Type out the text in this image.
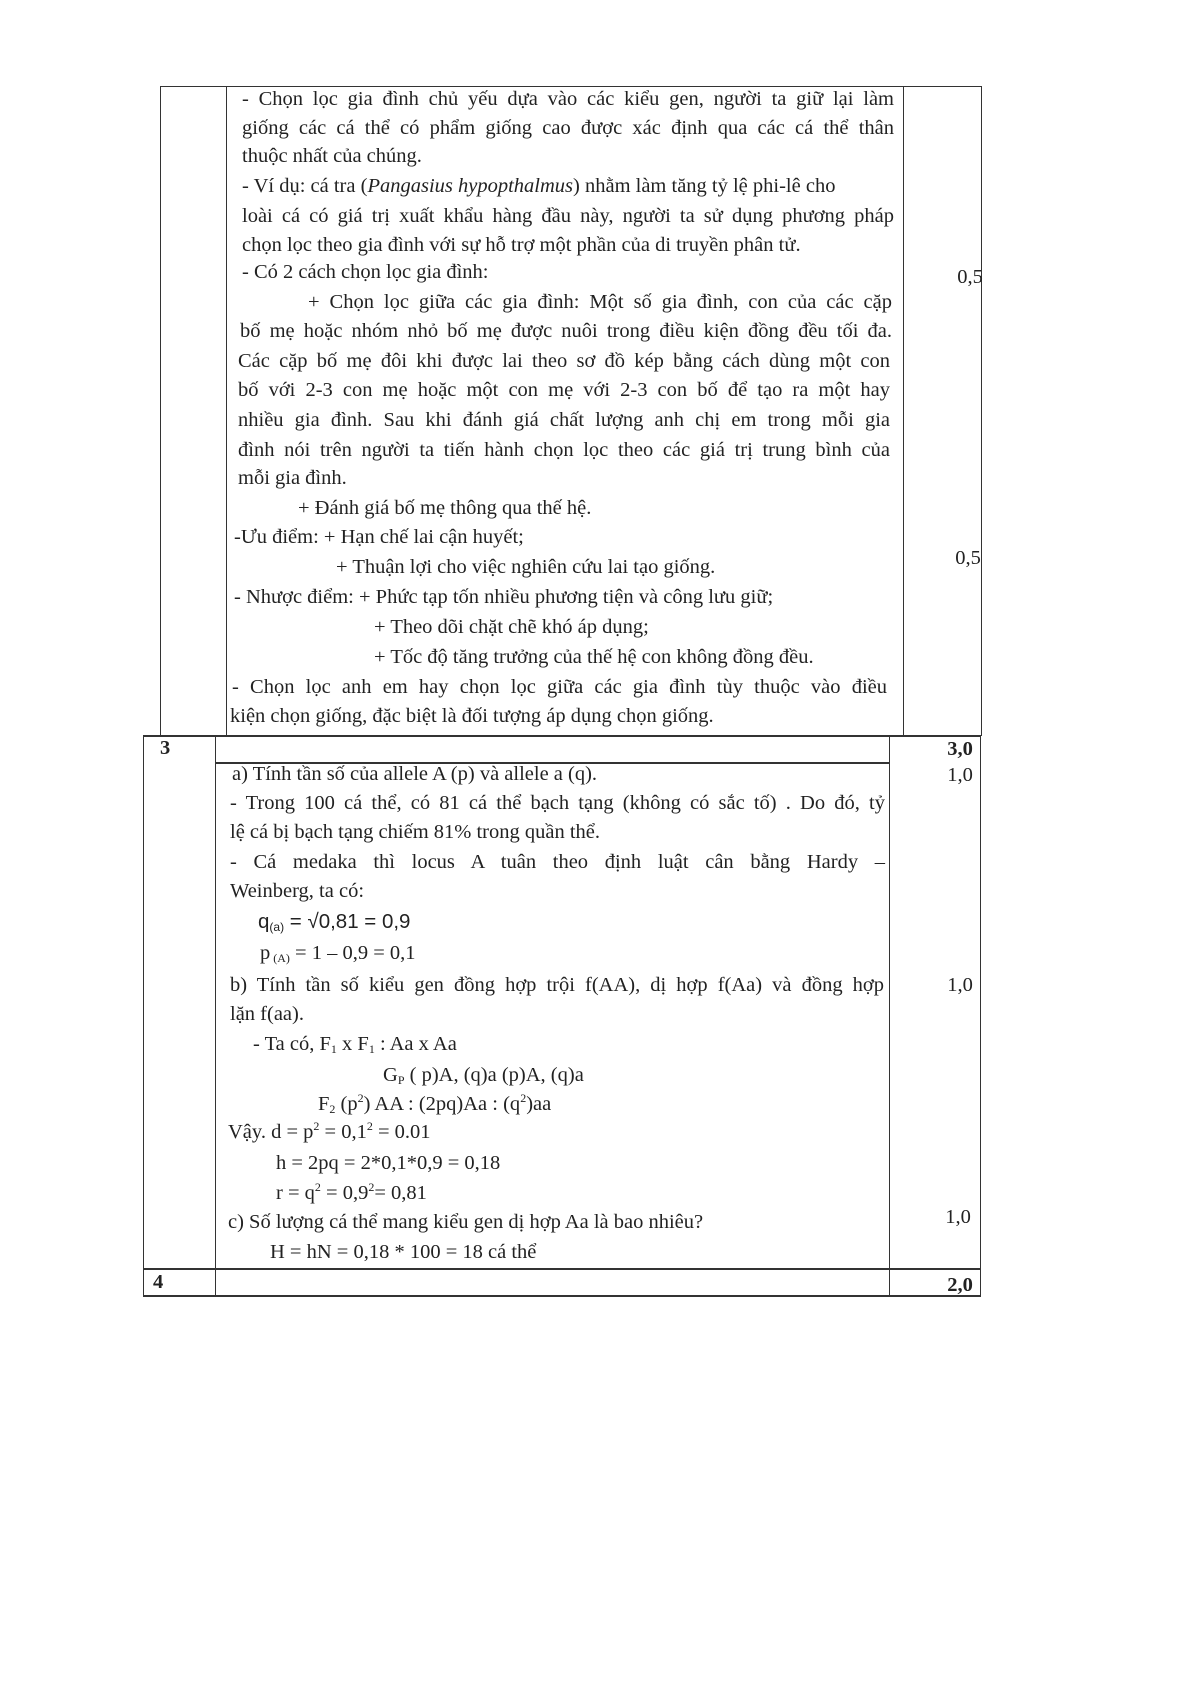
- Chọn lọc gia đình chủ yếu dựa vào các kiểu gen, người ta giữ lại làm
giống các cá thể có phẩm giống cao được xác định qua các cá thể thân
thuộc nhất của chúng.
- Ví dụ: cá tra (Pangasius hypopthalmus) nhằm làm tăng tỷ lệ phi-lê cho
loài cá có giá trị xuất khẩu hàng đầu này, người ta sử dụng phương pháp
chọn lọc theo gia đình với sự hỗ trợ một phần của di truyền phân tử.
- Có 2 cách chọn lọc gia đình:
+ Chọn lọc giữa các gia đình: Một số gia đình, con của các cặp
bố mẹ hoặc nhóm nhỏ bố mẹ được nuôi trong điều kiện đồng đều tối đa.
Các cặp bố mẹ đôi khi được lai theo sơ đồ kép bằng cách dùng một con
bố với 2-3 con mẹ hoặc một con mẹ với 2-3 con bố để tạo ra một hay
nhiều gia đình. Sau khi đánh giá chất lượng anh chị em trong mỗi gia
đình nói trên người ta tiến hành chọn lọc theo các giá trị trung bình của
mỗi gia đình.
+ Đánh giá bố mẹ thông qua thế hệ.
-Ưu điểm: + Hạn chế lai cận huyết;
+ Thuận lợi cho việc nghiên cứu lai tạo giống.
- Nhược điểm: + Phức tạp tốn nhiều phương tiện và công lưu giữ;
+ Theo dõi chặt chẽ khó áp dụng;
+ Tốc độ tăng trưởng của thế hệ con không đồng đều.
- Chọn lọc anh em hay chọn lọc giữa các gia đình tùy thuộc vào điều
kiện chọn giống, đặc biệt là đối tượng áp dụng chọn giống.
0,5
0,5
3	3,0
a) Tính tần số của allele A (p) và allele a (q).
- Trong 100 cá thể, có 81 cá thể bạch tạng (không có sắc tố) . Do đó, tỷ
lệ cá bị bạch tạng chiếm 81% trong quần thể.
- Cá medaka thì locus A tuân theo định luật cân bằng Hardy –
Weinberg, ta có:
$q_{(a)} = √0,81 = 0,9$
p $_{(A)}$ = 1 – 0,9 = 0,1
b) Tính tần số kiểu gen đồng hợp trội f(AA), dị hợp f(Aa) và đồng hợp
lặn f(aa).
- Ta có, $F_1$ x $F_1$ : Aa x Aa
$G_P$ ( p)A, (q)a (p)A, (q)a
$F_2$ $(p^2)$ AA : (2pq)Aa : $(q^2)aa$
Vậy. $d = p^2 = 0,1^2 = 0.01$
h = 2pq = 2*0,1*0,9 = 0,18
$r = q^2 = 0,9^2= 0,81$
c) Số lượng cá thể mang kiểu gen dị hợp Aa là bao nhiêu?
H = hN = 0,18 * 100 = 18 cá thể
1,0
1,0
1,0
4	2,0
